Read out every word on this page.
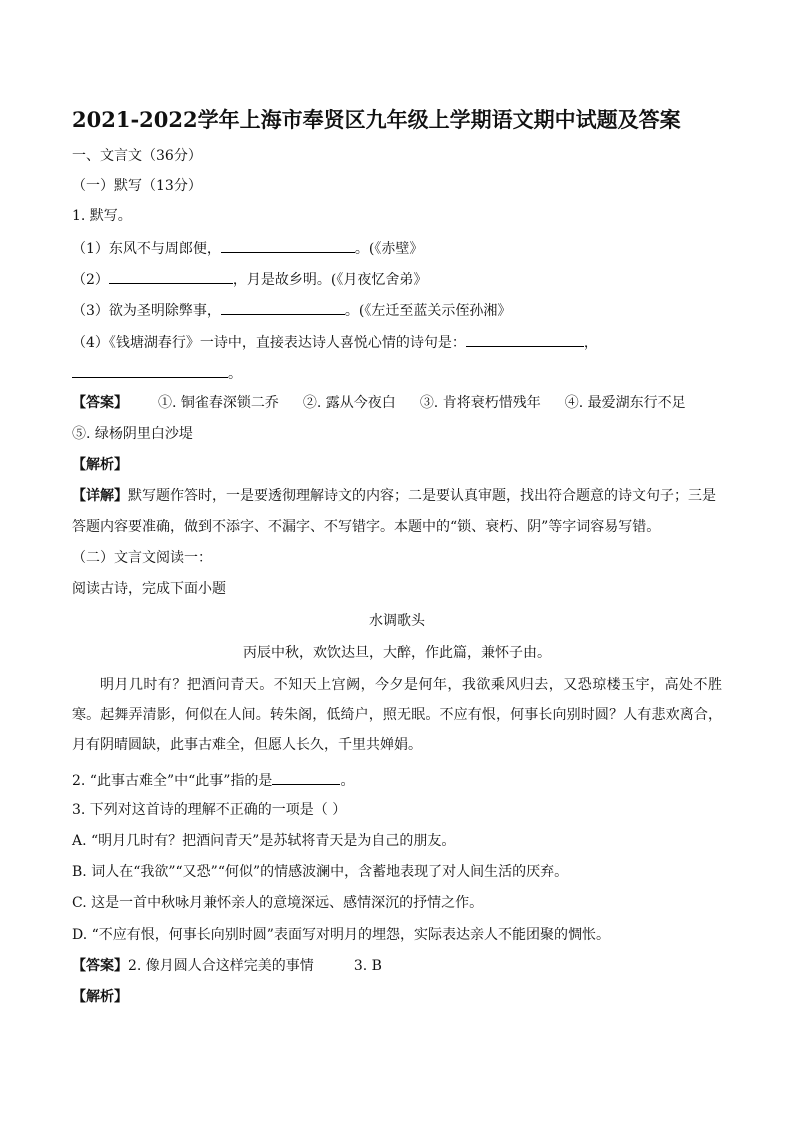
2021-2022学年上海市奉贤区九年级上学期语文期中试题及答案
一、文言文（36分）
（一）默写（13分）
1. 默写。
（1）东风不与周郎便，	。(《赤壁》
（2）	，月是故乡明。(《月夜忆舍弟》
（3）欲为圣明除弊事，	。(《左迁至蓝关示侄孙湘》
（4）《钱塘湖春行》一诗中，直接表达诗人喜悦心情的诗句是：	，
。
【答案】 ①. 铜雀春深锁二乔 ②. 露从今夜白 ③. 肯将衰朽惜残年 ④. 最爱湖东行不足
⑤. 绿杨阴里白沙堤
【解析】
【详解】默写题作答时，一是要透彻理解诗文的内容；二是要认真审题，找出符合题意的诗文句子；三是
答题内容要准确，做到不添字、不漏字、不写错字。本题中的“锁、衰朽、阴”等字词容易写错。
（二）文言文阅读一：
阅读古诗，完成下面小题
水调歌头
丙辰中秋，欢饮达旦，大醉，作此篇，兼怀子由。
明月几时有？把酒问青天。不知天上宫阙，今夕是何年，我欲乘风归去，又恐琼楼玉宇，高处不胜寒。起舞弄清影，何似在人间。转朱阁，低绮户，照无眠。不应有恨，何事长向别时圆？人有悲欢离合，月有阴晴圆缺，此事古难全，但愿人长久，千里共婵娟。
2. “此事古难全”中“此事”指的是	。
3. 下列对这首诗的理解不正确的一项是（ ）
A. “明月几时有？把酒问青天”是苏轼将青天是为自己的朋友。
B. 词人在“我欲”“又恐”“何似”的情感波澜中，含蓄地表现了对人间生活的厌弃。
C. 这是一首中秋咏月兼怀亲人的意境深远、感情深沉的抒情之作。
D. “不应有恨，何事长向别时圆”表面写对明月的埋怨，实际表达亲人不能团聚的惆怅。
【答案】2. 像月圆人合这样完美的事情	3. B
【解析】
